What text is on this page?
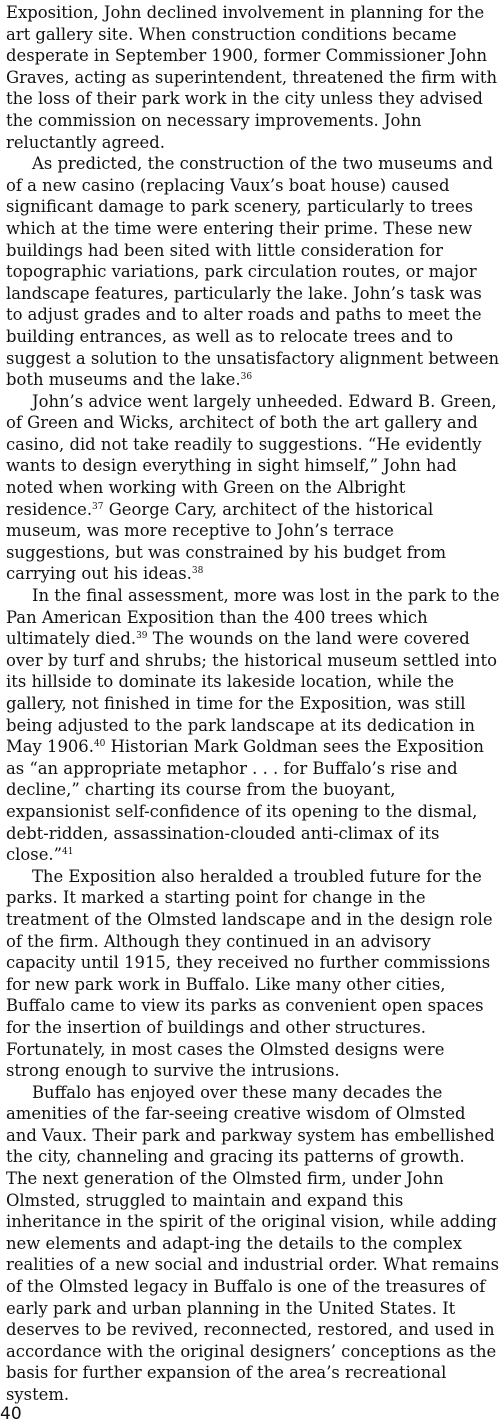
Exposition, John declined involvement in planning for the art gallery site. When construction conditions became desperate in September 1900, former Commissioner John Graves, acting as superintendent, threatened the firm with the loss of their park work in the city unless they advised the commission on necessary improvements. John reluctantly agreed.

As predicted, the construction of the two museums and of a new casino (replacing Vaux’s boat house) caused significant damage to park scenery, particularly to trees which at the time were entering their prime. These new buildings had been sited with little consideration for topographic variations, park circulation routes, or major landscape features, particularly the lake. John’s task was to adjust grades and to alter roads and paths to meet the building entrances, as well as to relocate trees and to suggest a solution to the unsatisfactory alignment between both museums and the lake.$^{36}$

John’s advice went largely unheeded. Edward B. Green, of Green and Wicks, architect of both the art gallery and casino, did not take readily to suggestions. “He evidently wants to design everything in sight himself,” John had noted when working with Green on the Albright residence.$^{37}$ George Cary, architect of the historical museum, was more receptive to John’s terrace suggestions, but was constrained by his budget from carrying out his ideas.$^{38}$

In the final assessment, more was lost in the park to the Pan American Exposition than the 400 trees which ultimately died.$^{39}$ The wounds on the land were covered over by turf and shrubs; the historical museum settled into its hillside to dominate its lakeside location, while the gallery, not finished in time for the Exposition, was still being adjusted to the park landscape at its dedication in May 1906.40 Historian Mark Goldman sees the Exposition as “an appropriate metaphor . . . for Buffalo’s rise and decline,” charting its course from the buoyant, expansionist self-confidence of its opening to the dismal, debt-ridden, assassination-clouded anti-climax of its close.”$^{41}$

The Exposition also heralded a troubled future for the parks. It marked a starting point for change in the treatment of the Olmsted landscape and in the design role of the firm. Although they continued in an advisory capacity until 1915, they received no further commissions for new park work in Buffalo. Like many other cities, Buffalo came to view its parks as convenient open spaces for the insertion of buildings and other structures. Fortunately, in most cases the Olmsted designs were strong enough to survive the intrusions.

Buffalo has enjoyed over these many decades the amenities of the far-seeing creative wisdom of Olmsted and Vaux. Their park and parkway system has embellished the city, channeling and gracing its patterns of growth. The next generation of the Olmsted firm, under John Olmsted, struggled to maintain and expand this inheritance in the spirit of the original vision, while adding new elements and adapt-ing the details to the complex realities of a new social and industrial order. What remains of the Olmsted legacy in Buffalo is one of the treasures of early park and urban planning in the United States. It deserves to be revived, reconnected, restored, and used in accordance with the original designers’ conceptions as the basis for further expansion of the area’s recreational system.

40
